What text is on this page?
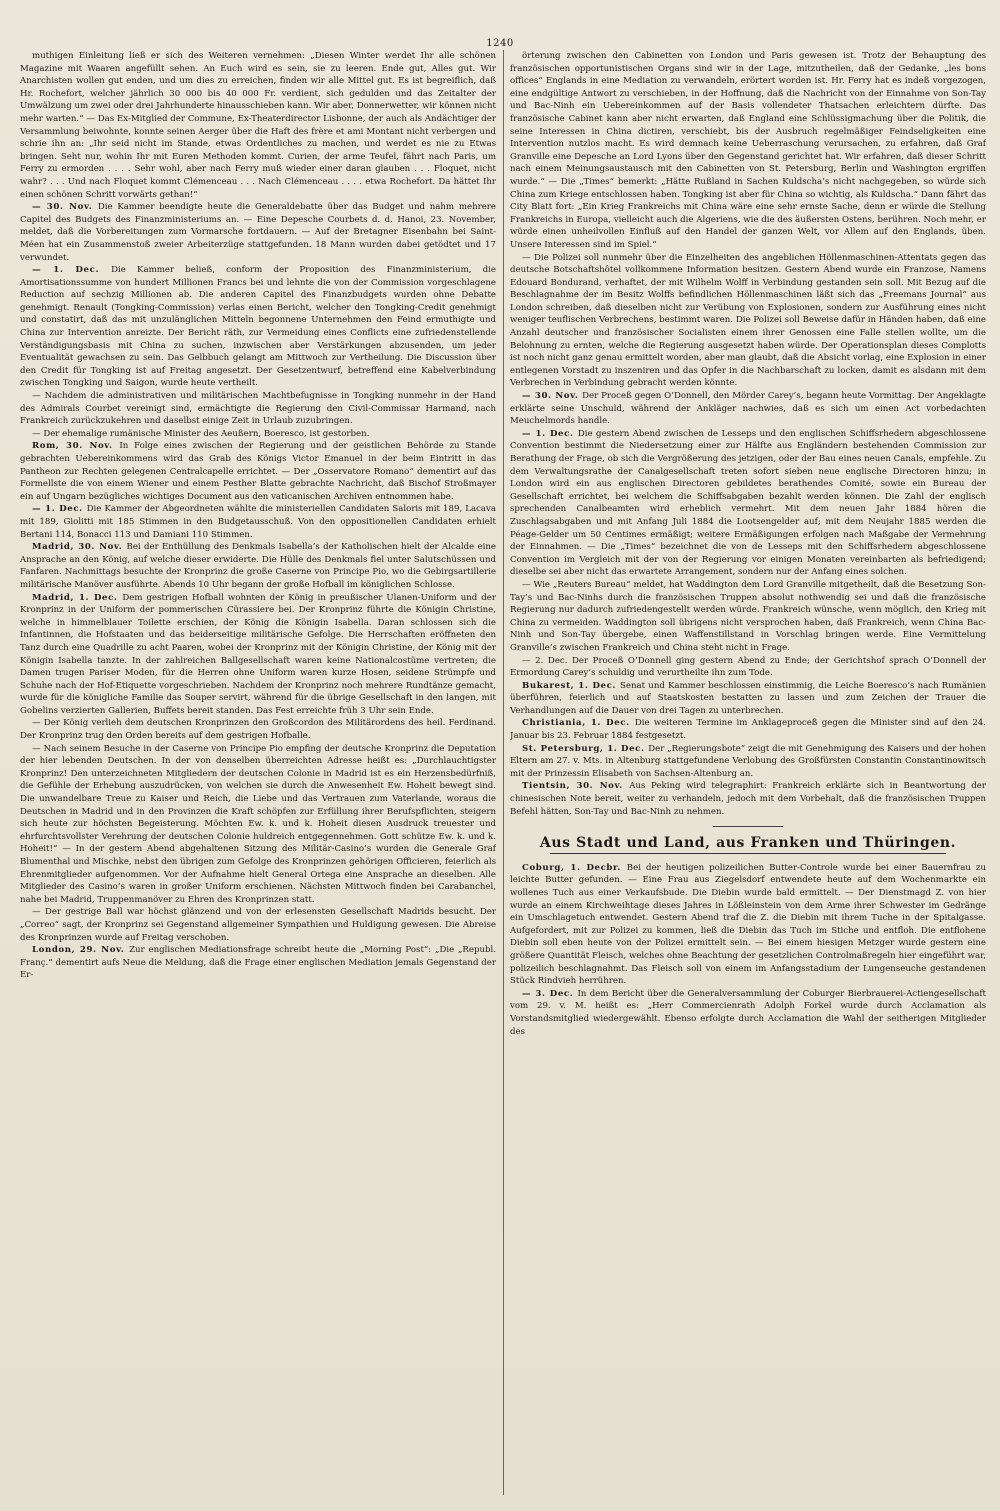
1240

muthigen Einleitung ließ er sich des Weiteren vernehmen: „Diesen Winter werdet Ihr alle schönen Magazine mit Waaren angefüllt sehen. An Euch wird es sein, sie zu leeren. Ende gut, Alles gut. Wir Anarchisten wollen gut enden, und um dies zu erreichen, finden wir alle Mittel gut. Es ist begreiflich, daß Hr. Rochefort, welcher jährlich 30 000 bis 40 000 Fr. verdient, sich gedulden und das Zeitalter der Umwälzung um zwei oder drei Jahrhunderte hinausschieben kann. Wir aber, Donnerwetter, wir können nicht mehr warten.“ — Das Ex-Mitglied der Commune, Ex-Theaterdirector Lisbonne, der auch als Andächtiger der Versammlung beiwohnte, konnte seinen Aerger über die Haft des frère et ami Montant nicht verbergen und schrie ihn an: „Ihr seid nicht im Stande, etwas Ordentliches zu machen, und werdet es nie zu Etwas bringen. Seht nur, wohin Ihr mit Euren Methoden kommt. Curien, der arme Teufel, fährt nach Paris, um Ferry zu ermorden . . . . Sehr wohl, aber nach Ferry muß wieder einer daran glauben . . . Floquet, nicht wahr? . . . Und nach Floquet kommt Clémenceau . . . Nach Clémenceau . . . . etwa Rochefort. Da hättet Ihr einen schönen Schritt vorwärts gethan!“

— 30. Nov. Die Kammer beendigte heute die Generaldebatte über das Budget und nahm mehrere Capitel des Budgets des Finanzministeriums an. — Eine Depesche Courbets d. d. Hanoi, 23. November, meldet, daß die Vorbereitungen zum Vormarsche fortdauern. — Auf der Bretagner Eisenbahn bei Saint-Méen hat ein Zusammenstoß zweier Arbeiterzüge stattgefunden. 18 Mann wurden dabei getödtet und 17 verwundet.

— 1. Dec. Die Kammer beließ, conform der Proposition des Finanzministerium, die Amortisationssumme von hundert Millionen Francs bei und lehnte die von der Commission vorgeschlagene Reduction auf sechzig Millionen ab. Die anderen Capitel des Finanzbudgets wurden ohne Debatte genehmigt. Renault (Tongking-Commission) verlas einen Bericht, welcher den Tongking-Credit genehmigt und constatirt, daß das mit unzulänglichen Mitteln begonnene Unternehmen den Feind ermuthigte und China zur Intervention anreizte. Der Bericht räth, zur Vermeidung eines Conflicts eine zufriedenstellende Verständigungsbasis mit China zu suchen, inzwischen aber Verstärkungen abzusenden, um jeder Eventualität gewachsen zu sein. Das Gelbbuch gelangt am Mittwoch zur Vertheilung. Die Discussion über den Credit für Tongking ist auf Freitag angesetzt. Der Gesetzentwurf, betreffend eine Kabelverbindung zwischen Tongking und Saigon, wurde heute vertheilt.

— Nachdem die administrativen und militärischen Machtbefugnisse in Tongking nunmehr in der Hand des Admirals Courbet vereinigt sind, ermächtigte die Regierung den Civil-Commissar Harmand, nach Frankreich zurückzukehren und daselbst einige Zeit in Urlaub zuzubringen.

— Der ehemalige rumänische Minister des Aeußern, Boeresco, ist gestorben.

Rom, 30. Nov. In Folge eines zwischen der Regierung und der geistlichen Behörde zu Stande gebrachten Uebereinkommens wird das Grab des Königs Victor Emanuel in der beim Eintritt in das Pantheon zur Rechten gelegenen Centralcapelle errichtet. — Der „Osservatore Romano“ dementirt auf das Formellste die von einem Wiener und einem Pesther Blatte gebrachte Nachricht, daß Bischof Stroßmayer ein auf Ungarn bezügliches wichtiges Document aus den vaticanischen Archiven entnommen habe.

— 1. Dec. Die Kammer der Abgeordneten wählte die ministeriellen Candidaten Saloris mit 189, Lacava mit 189, Giolitti mit 185 Stimmen in den Budgetausschuß. Von den oppositionellen Candidaten erhielt Bertani 114, Bonacci 113 und Damiani 110 Stimmen.

Madrid, 30. Nov. Bei der Enthüllung des Denkmals Isabella’s der Katholischen hielt der Alcalde eine Ansprache an den König, auf welche dieser erwiderte. Die Hülle des Denkmals fiel unter Salutschüssen und Fanfaren. Nachmittags besuchte der Kronprinz die große Caserne von Principe Pio, wo die Gebirgsartillerie militärische Manöver ausführte. Abends 10 Uhr begann der große Hofball im königlichen Schlosse.

Madrid, 1. Dec. Dem gestrigen Hofball wohnten der König in preußischer Ulanen-Uniform und der Kronprinz in der Uniform der pommerischen Cürassiere bei. Der Kronprinz führte die Königin Christine, welche in himmelblauer Toilette erschien, der König die Königin Isabella. Daran schlossen sich die Infantinnen, die Hofstaaten und das beiderseitige militärische Gefolge. Die Herrschaften eröffneten den Tanz durch eine Quadrille zu acht Paaren, wobei der Kronprinz mit der Königin Christine, der König mit der Königin Isabella tanzte. In der zahlreichen Ballgesellschaft waren keine Nationalcostüme vertreten; die Damen trugen Pariser Moden, für die Herren ohne Uniform waren kurze Hosen, seidene Strümpfe und Schuhe nach der Hof-Etiquette vorgeschrieben. Nachdem der Kronprinz noch mehrere Rundtänze gemacht, wurde für die königliche Familie das Souper servirt, während für die übrige Gesellschaft in den langen, mit Gobelins verzierten Gallerien, Buffets bereit standen. Das Fest erreichte früh 3 Uhr sein Ende.

— Der König verlieh dem deutschen Kronprinzen den Großcordon des Militärordens des heil. Ferdinand. Der Kronprinz trug den Orden bereits auf dem gestrigen Hofballe.

— Nach seinem Besuche in der Caserne von Principe Pio empfing der deutsche Kronprinz die Deputation der hier lebenden Deutschen. In der von denselben überreichten Adresse heißt es: „Durchlauchtigster Kronprinz! Den unterzeichneten Mitgliedern der deutschen Colonie in Madrid ist es ein Herzensbedürfniß, die Gefühle der Erhebung auszudrücken, von welchen sie durch die Anwesenheit Ew. Hoheit bewegt sind. Die unwandelbare Treue zu Kaiser und Reich, die Liebe und das Vertrauen zum Vaterlande, woraus die Deutschen in Madrid und in den Provinzen die Kraft schöpfen zur Erfüllung ihrer Berufspflichten, steigern sich heute zur höchsten Begeisterung. Möchten Ew. k. und k. Hoheit diesen Ausdruck treuester und ehrfurchtsvollster Verehrung der deutschen Colonie huldreich entgegennehmen. Gott schütze Ew. k. und k. Hoheit!“ — In der gestern Abend abgehaltenen Sitzung des Militär-Casino’s wurden die Generale Graf Blumenthal und Mischke, nebst den übrigen zum Gefolge des Kronprinzen gehörigen Officieren, feierlich als Ehrenmitglieder aufgenommen. Vor der Aufnahme hielt General Ortega eine Ansprache an dieselben. Alle Mitglieder des Casino’s waren in großer Uniform erschienen. Nächsten Mittwoch finden bei Carabanchel, nahe bei Madrid, Truppenmanöver zu Ehren des Kronprinzen statt.

— Der gestrige Ball war höchst glänzend und von der erlesensten Gesellschaft Madrids besucht. Der „Correo“ sagt, der Kronprinz sei Gegenstand allgemeiner Sympathien und Huldigung gewesen. Die Abreise des Kronprinzen wurde auf Freitag verschoben.

London, 29. Nov. Zur englischen Mediationsfrage schreibt heute die „Morning Post“: „Die „Republ. Franç.“ dementirt aufs Neue die Meldung, daß die Frage einer englischen Mediation jemals Gegenstand der Er-

örterung zwischen den Cabinetten von London und Paris gewesen ist. Trotz der Behauptung des französischen opportunistischen Organs sind wir in der Lage, mitzutheilen, daß der Gedanke, „les bons offices“ Englands in eine Mediation zu verwandeln, erörtert worden ist. Hr. Ferry hat es indeß vorgezogen, eine endgültige Antwort zu verschieben, in der Hoffnung, daß die Nachricht von der Einnahme von Son-Tay und Bac-Ninh ein Uebereinkommen auf der Basis vollendeter Thatsachen erleichtern dürfte. Das französische Cabinet kann aber nicht erwarten, daß England eine Schlüssigmachung über die Politik, die seine Interessen in China dictiren, verschiebt, bis der Ausbruch regelmäßiger Feindseligkeiten eine Intervention nutzlos macht. Es wird demnach keine Ueberraschung verursachen, zu erfahren, daß Graf Granville eine Depesche an Lord Lyons über den Gegenstand gerichtet hat. Wir erfahren, daß dieser Schritt nach einem Meinungsaustausch mit den Cabinetten von St. Petersburg, Berlin und Washington ergriffen wurde.“ — Die „Times“ bemerkt: „Hätte Rußland in Sachen Kuldscha’s nicht nachgegeben, so würde sich China zum Kriege entschlossen haben. Tongking ist aber für China so wichtig, als Kuldscha.“ Dann fährt das City Blatt fort: „Ein Krieg Frankreichs mit China wäre eine sehr ernste Sache, denn er würde die Stellung Frankreichs in Europa, vielleicht auch die Algeriens, wie die des äußersten Ostens, berühren. Noch mehr, er würde einen unheilvollen Einfluß auf den Handel der ganzen Welt, vor Allem auf den Englands, üben. Unsere Interessen sind im Spiel.“

— Die Polizei soll nunmehr über die Einzelheiten des angeblichen Höllenmaschinen-Attentats gegen das deutsche Botschaftshôtel vollkommene Information besitzen. Gestern Abend wurde ein Franzose, Namens Edouard Bondurand, verhaftet, der mit Wilhelm Wolff in Verbindung gestanden sein soll. Mit Bezug auf die Beschlagnahme der im Besitz Wolffs befindlichen Höllenmaschinen läßt sich das „Freemans Journal“ aus London schreiben, daß dieselben nicht zur Verübung von Explosionen, sondern zur Ausführung eines nicht weniger teuflischen Verbrechens, bestimmt waren. Die Polizei soll Beweise dafür in Händen haben, daß eine Anzahl deutscher und französischer Socialisten einem ihrer Genossen eine Falle stellen wollte, um die Belohnung zu ernten, welche die Regierung ausgesetzt haben würde. Der Operationsplan dieses Complotts ist noch nicht ganz genau ermittelt worden, aber man glaubt, daß die Absicht vorlag, eine Explosion in einer entlegenen Vorstadt zu inszeniren und das Opfer in die Nachbarschaft zu locken, damit es alsdann mit dem Verbrechen in Verbindung gebracht werden könnte.

— 30. Nov. Der Proceß gegen O’Donnell, den Mörder Carey’s, begann heute Vormittag. Der Angeklagte erklärte seine Unschuld, während der Ankläger nachwies, daß es sich um einen Act vorbedachten Meuchelmords handle.

— 1. Dec. Die gestern Abend zwischen de Lesseps und den englischen Schiffsrhedern abgeschlossene Convention bestimmt die Niedersetzung einer zur Hälfte aus Engländern bestehenden Commission zur Berathung der Frage, ob sich die Vergrößerung des jetzigen, oder der Bau eines neuen Canals, empfehle. Zu dem Verwaltungsrathe der Canalgesellschaft treten sofort sieben neue englische Directoren hinzu; in London wird ein aus englischen Directoren gebildetes berathendes Comité, sowie ein Bureau der Gesellschaft errichtet, bei welchem die Schiffsabgaben bezahlt werden können. Die Zahl der englisch sprechenden Canalbeamten wird erheblich vermehrt. Mit dem neuen Jahr 1884 hören die Zuschlagsabgaben und mit Anfang Juli 1884 die Lootsengelder auf; mit dem Neujahr 1885 werden die Péage-Gelder um 50 Centimes ermäßigt; weitere Ermäßigungen erfolgen nach Maßgabe der Vermehrung der Einnahmen. — Die „Times“ bezeichnet die von de Lesseps mit den Schiffsrhedern abgeschlossene Convention im Vergleich mit der von der Regierung vor einigen Monaten vereinbarten als befriedigend; dieselbe sei aber nicht das erwartete Arrangement, sondern nur der Anfang eines solchen.

— Wie „Reuters Bureau“ meldet, hat Waddington dem Lord Granville mitgetheilt, daß die Besetzung Son-Tay’s und Bac-Ninhs durch die französischen Truppen absolut nothwendig sei und daß die französische Regierung nur dadurch zufriedengestellt werden würde. Frankreich wünsche, wenn möglich, den Krieg mit China zu vermeiden. Waddington soll übrigens nicht versprochen haben, daß Frankreich, wenn China Bac-Ninh und Son-Tay übergebe, einen Waffenstillstand in Vorschlag bringen werde. Eine Vermittelung Granville’s zwischen Frankreich und China steht nicht in Frage.

— 2. Dec. Der Proceß O’Donnell ging gestern Abend zu Ende; der Gerichtshof sprach O’Donnell der Ermordung Carey’s schuldig und verurtheilte ihn zum Tode.

Bukarest, 1. Dec. Senat und Kammer beschlossen einstimmig, die Leiche Boeresco’s nach Rumänien überführen, feierlich und auf Staatskosten bestatten zu lassen und zum Zeichen der Trauer die Verhandlungen auf die Dauer von drei Tagen zu unterbrechen.

Christiania, 1. Dec. Die weiteren Termine im Anklageproceß gegen die Minister sind auf den 24. Januar bis 23. Februar 1884 festgesetzt.

St. Petersburg, 1. Dec. Der „Regierungsbote“ zeigt die mit Genehmigung des Kaisers und der hohen Eltern am 27. v. Mts. in Altenburg stattgefundene Verlobung des Großfürsten Constantin Constantinowitsch mit der Prinzessin Elisabeth von Sachsen-Altenburg an.

Tientsin, 30. Nov. Aus Peking wird telegraphirt: Frankreich erklärte sich in Beantwortung der chinesischen Note bereit, weiter zu verhandeln, jedoch mit dem Vorbehalt, daß die französischen Truppen Befehl hätten, Son-Tay und Bac-Ninh zu nehmen.

Aus Stadt und Land, aus Franken und Thüringen.

Coburg, 1. Decbr. Bei der heutigen polizeilichen Butter-Controle wurde bei einer Bauernfrau zu leichte Butter gefunden. — Eine Frau aus Ziegelsdorf entwendete heute auf dem Wochenmarkte ein wollenes Tuch aus einer Verkaufsbude. Die Diebin wurde bald ermittelt. — Der Dienstmagd Z. von hier wurde an einem Kirchweihtage dieses Jahres in Lößleinstein von dem Arme ihrer Schwester im Gedränge ein Umschlagetuch entwendet. Gestern Abend traf die Z. die Diebin mit ihrem Tuche in der Spitalgasse. Aufgefordert, mit zur Polizei zu kommen, ließ die Diebin das Tuch im Stiche und entfloh. Die entflohene Diebin soll eben heute von der Polizei ermittelt sein. — Bei einem hiesigen Metzger wurde gestern eine größere Quantität Fleisch, welches ohne Beachtung der gesetzlichen Controlmaßregeln hier eingeführt war, polizeilich beschlagnahmt. Das Fleisch soll von einem im Anfangsstadium der Lungenseuche gestandenen Stück Rindvieh herrühren.

— 3. Dec. In dem Bericht über die Generalversammlung der Coburger Bierbrauerei-Actiengesellschaft vom 29. v. M. heißt es: „Herr Commercienrath Adolph Forkel wurde durch Acclamation als Vorstandsmitglied wiedergewählt. Ebenso erfolgte durch Acclamation die Wahl der seitherigen Mitglieder des
